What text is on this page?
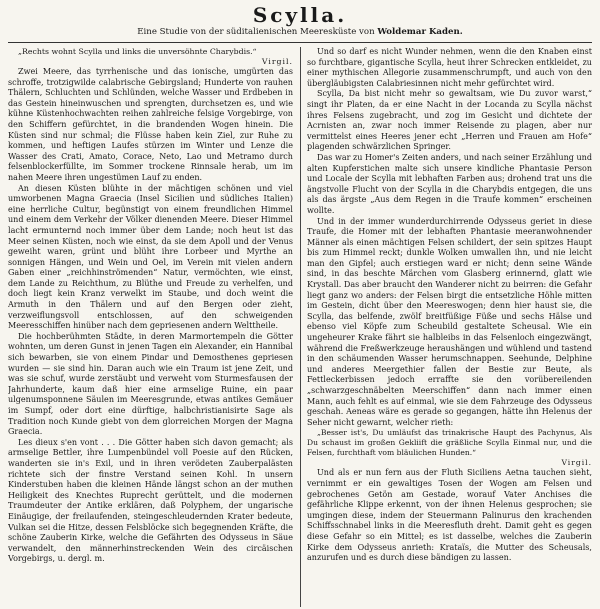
Scylla.
Eine Studie von der süditalienischen Meeresküste von Woldemar Kaden.

„Rechts wohnt Scylla und links die unversöhnte Charybdis.“

Virgil.

Zwei Meere, das tyrrhenische und das ionische, umgürten das schroffe, trotzigwilde calabrische Gebirgsland; Hunderte von rauhen Thälern, Schluchten und Schlünden, welche Wasser und Erdbeben in das Gestein hineinwuschen und sprengten, durchsetzen es, und wie kühne Küstenhochwachten reihen zahlreiche felsige Vorgebirge, von den Schiffern gefürchtet, in die brandenden Wogen hinein. Die Küsten sind nur schmal; die Flüsse haben kein Ziel, zur Ruhe zu kommen, und heftigen Laufes stürzen im Winter und Lenze die Wasser des Crati, Amato, Corace, Neto, Lao und Metramo durch felsenblockerfüllte, im Sommer trockene Rinnsale herab, um im nahen Meere ihren ungestümen Lauf zu enden.

An diesen Küsten blühte in der mächtigen schönen und viel umworbenen Magna Graecia (Insel Sicilien und südliches Italien) eine herrliche Cultur, begünstigt von einem freundlichen Himmel und einem dem Verkehr der Völker dienenden Meere. Dieser Himmel lacht ermunternd noch immer über dem Lande; noch heut ist das Meer seinen Küsten, noch wie einst, da sie dem Apoll und der Venus geweiht waren, grünt und blüht ihre Lorbeer und Myrthe an sonnigen Hängen, und Wein und Oel, im Verein mit vielen andern Gaben einer „reichhinströmenden“ Natur, vermöchten, wie einst, dem Lande zu Reichthum, zu Blüthe und Freude zu verhelfen, und doch liegt kein Kranz verwelkt im Staube, und doch weint die Armuth in den Thälern und auf den Bergen oder zieht, verzweiflungsvoll entschlossen, auf den schweigenden Meeresschiffen hinüber nach dem gepriesenen andern Welttheile.

Die hochberühmten Städte, in deren Marmortempeln die Götter wohnten, um deren Gunst in jenen Tagen ein Alexander, ein Hannibal sich bewarben, sie von einem Pindar und Demosthenes gepriesen wurden — sie sind hin. Daran auch wie ein Traum ist jene Zeit, und was sie schuf, wurde zerstäubt und verweht vom Sturmesfausen der Jahrhunderte, kaum daß hier eine armselige Ruine, ein paar ulgenumsponnene Säulen im Meeresgrunde, etwas antikes Gemäuer im Sumpf, oder dort eine dürftige, halbchristianisirte Sage als Tradition noch Kunde giebt von dem glorreichen Morgen der Magna Graecia.

Les dieux s'en vont . . . Die Götter haben sich davon gemacht; als armselige Bettler, ihre Lumpenbündel voll Poesie auf den Rücken, wanderten sie in's Exil, und in ihren verödeten Zauberpalästen richtete sich der finstre Verstand seinen Kohl. In unsern Kinderstuben haben die kleinen Hände längst schon an der muthen Heiligkeit des Knechtes Ruprecht gerüttelt, und die modernen Traumdeuter der Antike erklären, daß Polyphem, der ungarische Einäugige, der freilaufenden, steingeschleudernden Krater bedeute, Vulkan sei die Hitze, dessen Felsblöcke sich begegnenden Kräfte, die schöne Zauberin Kirke, welche die Gefährten des Odysseus in Säue verwandelt, den männerhinstreckenden Wein des circäischen Vorgebirgs, u. dergl. m.

Und so darf es nicht Wunder nehmen, wenn die den Knaben einst so furchtbare, gigantische Scylla, heut ihrer Schrecken entkleidet, zu einer mythischen Allegorie zusammenschrumpft, und auch von den übergläubigsten Calabriesinnen nicht mehr gefürchtet wird.

Scylla, Da bist nicht mehr so gewaltsam, wie Du zuvor warst,“ singt ihr Platen, da er eine Nacht in der Locanda zu Scylla nächst ihres Felsens zugebracht, und zog im Gesicht und dichtete der Acrnisten an, zwar noch immer Reisende zu plagen, aber nur vermittelst eines Heeres jener echt „Herren und Frauen am Hofe“ plagenden schwärzlichen Springer.

Das war zu Homer's Zeiten anders, und nach seiner Erzählung und alten Kupferstichen malte sich unsere kindliche Phantasie Person und Locale der Scylla mit lebhaften Farben aus; drohend trat uns die ängstvolle Flucht von der Scylla in die Charybdis entgegen, die uns als das ärgste „Aus dem Regen in die Traufe kommen“ erscheinen wollte.

Und in der immer wunderdurchirrende Odysseus geriet in diese Traufe, die Homer mit der lebhaften Phantasie meeranwohnender Männer als einen mächtigen Felsen schildert, der sein spitzes Haupt bis zum Himmel reckt; dunkle Wolken umwallen ihn, und nie leicht man den Gipfel; auch erstiegen ward er nicht; denn seine Wände sind, in das beschte Märchen vom Glasberg erinnernd, glatt wie Krystall. Das aber braucht den Wanderer nicht zu beirren: die Gefahr liegt ganz wo anders: der Felsen birgt die entsetzliche Höhle mitten im Gestein, dicht über den Meereswogen; denn hier haust sie, die Scylla, das belfende, zwölf breitfüßige Füße und sechs Hälse und ebenso viel Köpfe zum Scheubild gestaltete Scheusal. Wie ein ungeheurer Krake fährt sie halbleibs in das Felsenloch eingezwängt, während die Freßwerkzeuge heraushängen und wühlend und tastend in den schäumenden Wasser herumschnappen. Seehunde, Delphine und anderes Meergethier fallen der Bestie zur Beute, als Fettleckerbissen jedoch erraffte sie den vorübereilenden „schwarzgeschnäbelten Meerschiffen“ dann nach immer einen Mann, auch fehlt es auf einmal, wie sie dem Fahrzeuge des Odysseus geschah. Aeneas wäre es gerade so gegangen, hätte ihn Helenus der Seher nicht gewarnt, welcher rieth:

„Besser ist's, Du umläufst das trinakrische Haupt des Pachynus, Als Du schaust im großen Gekliift die gräßliche Scylla Einmal nur, und die Felsen, furchthaft vom bläulichen Hunden.“

Virgil.

Und als er nun fern aus der Fluth Siciliens Aetna tauchen sieht, vernimmt er ein gewaltiges Tosen der Wogen am Felsen und gebrochenes Getön am Gestade, worauf Vater Anchises die gefährliche Klippe erkennt, von der ihnen Helenus gesprochen; sie umgingen diese, indem der Steuermann Palinurus den krachenden Schiffsschnabel links in die Meeresfluth dreht. Damit geht es gegen diese Gefahr so ein Mittel; es ist dasselbe, welches die Zauberin Kirke dem Odysseus anrieth: Krataïs, die Mutter des Scheusals, anzurufen und es durch diese bändigen zu lassen.
